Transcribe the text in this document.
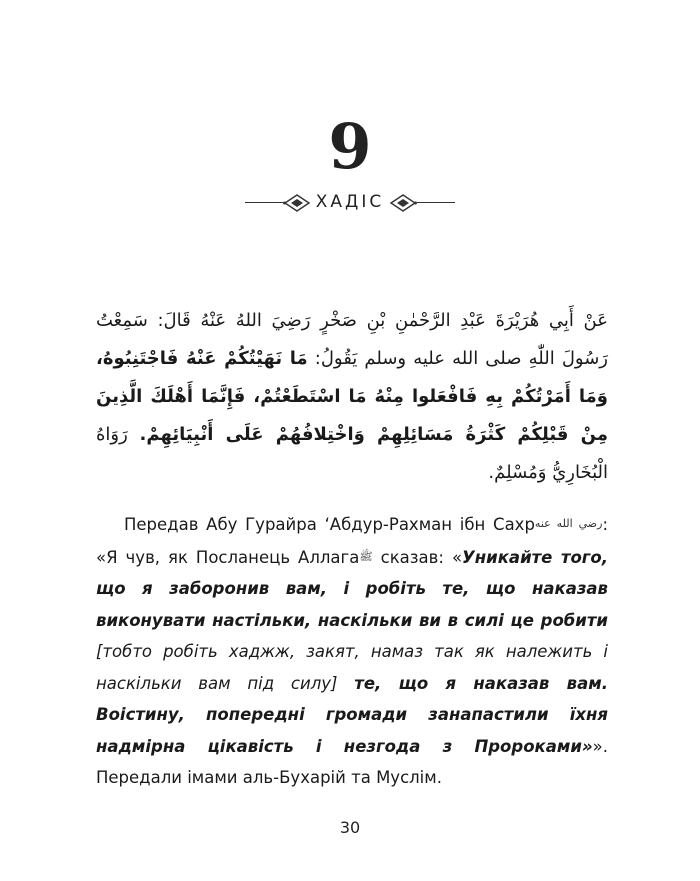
9
ХАДІС
عَنْ أَبِي هُرَيْرَةَ عَبْدِ الرَّحْمٰنِ بْنِ صَخْرٍ رَضِيَ اللهُ عَنْهُ قَالَ: سَمِعْتُ رَسُولَ اللّٰهِ صلى الله عليه وسلم يَقُولُ: مَا نَهَيْتُكُمْ عَنْهُ فَاجْتَنِبُوهُ، وَمَا أَمَرْتُكُمْ بِهِ فَافْعَلوا مِنْهُ مَا اسْتَطَعْتُمْ، فَإِنَّمَا أَهْلَكَ الَّذِينَ مِنْ قَبْلِكُمْ كَثْرَةُ مَسَائِلِهِمْ وَاخْتِلافُهُمْ عَلَى أَنْبِيَائِهِمْ. رَوَاهُ الْبُخَارِيُّ وَمُسْلِمٌ.
Передав Абу Гурайра ‘Абдур-Рахман ібн Сахрرضي الله عنه: «Я чув, як Посланець Аллагаﷺ сказав: «Уникайте того, що я заборонив вам, і робіть те, що наказав виконувати настільки, наскільки ви в силі це робити [тобто робіть хаджж, закят, намаз так як належить і наскільки вам під силу] те, що я наказав вам. Воістину, попередні громади занапастили їхня надмірна цікавість і незгода з Пророками»». Передали імами аль-Бухарій та Муслім.
30
